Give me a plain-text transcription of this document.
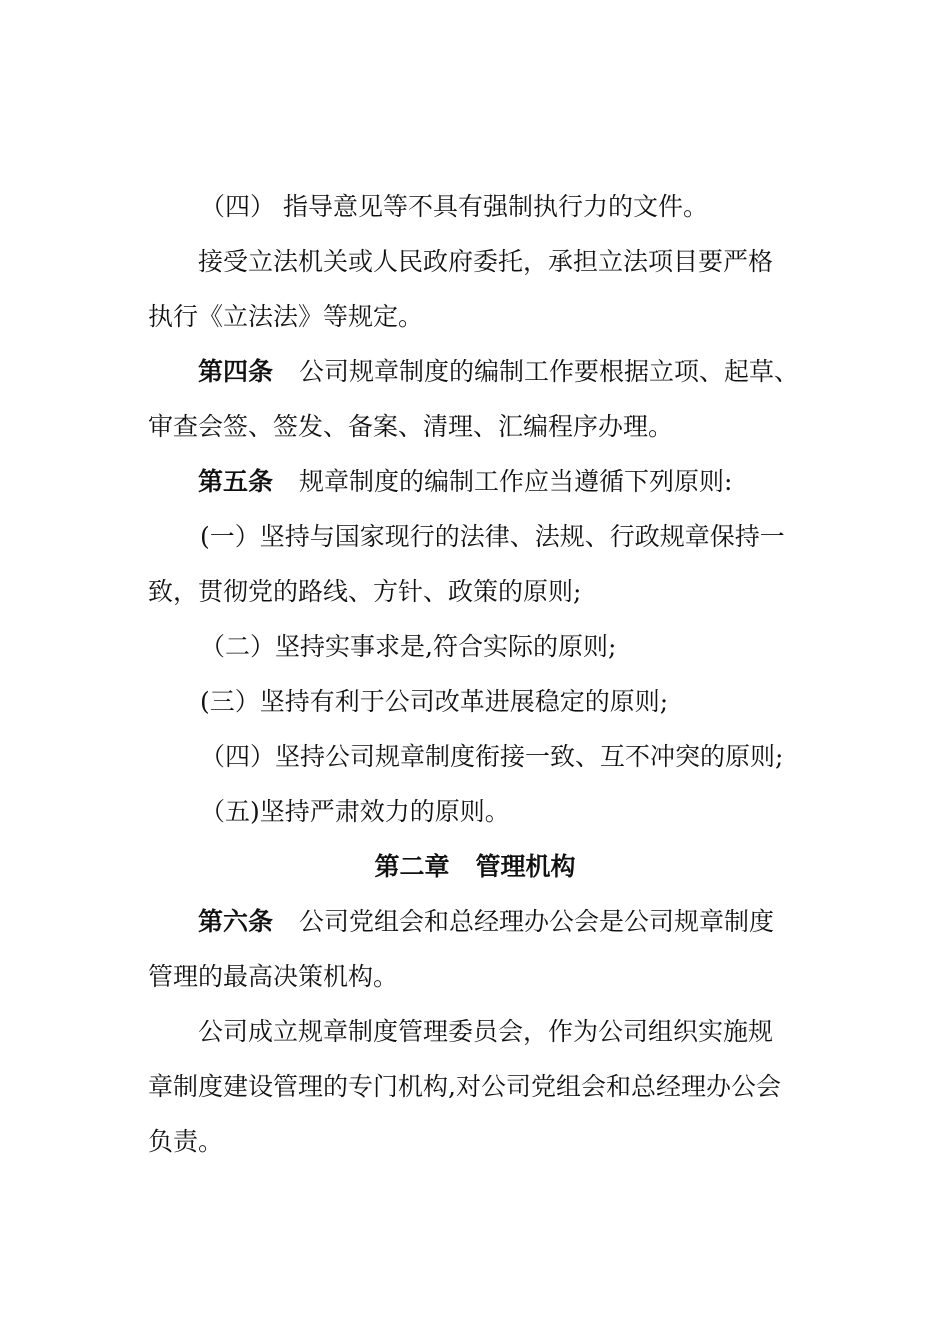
（四） 指导意见等不具有强制执行力的文件。
接受立法机关或人民政府委托，承担立法项目要严格
执行《立法法》等规定。
第四条 公司规章制度的编制工作要根据立项、起草、
审查会签、签发、备案、清理、汇编程序办理。
第五条 规章制度的编制工作应当遵循下列原则:
(一）坚持与国家现行的法律、法规、行政规章保持一
致，贯彻党的路线、方针、政策的原则;
（二）坚持实事求是,符合实际的原则;
(三）坚持有利于公司改革进展稳定的原则;
（四）坚持公司规章制度衔接一致、互不冲突的原则;
（五)坚持严肃效力的原则。
第二章 管理机构
第六条 公司党组会和总经理办公会是公司规章制度
管理的最高决策机构。
公司成立规章制度管理委员会，作为公司组织实施规
章制度建设管理的专门机构,对公司党组会和总经理办公会
负责。
